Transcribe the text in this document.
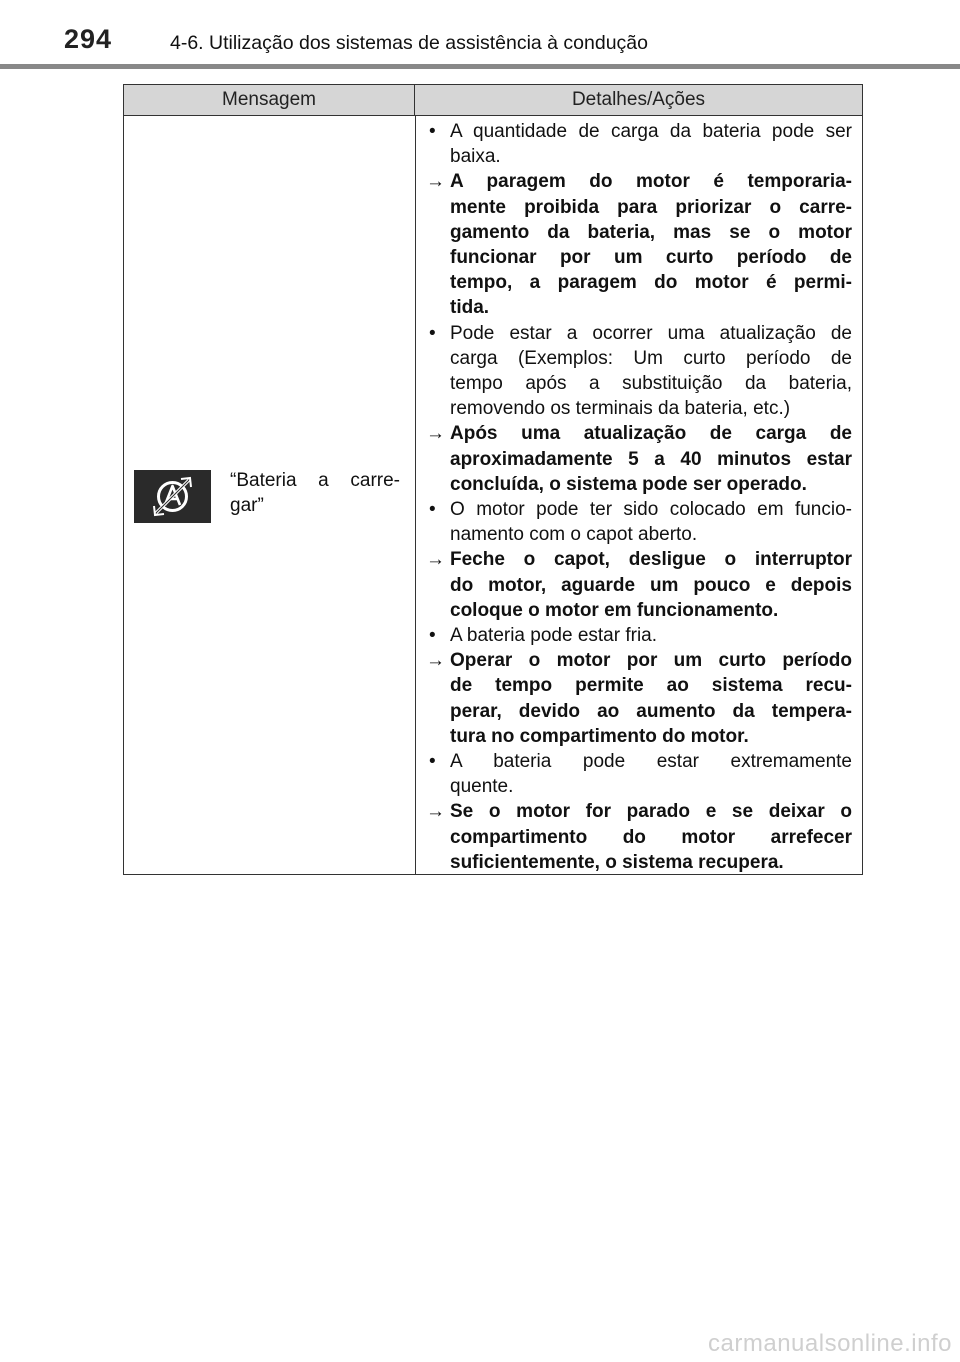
294	4-6. Utilização dos sistemas de assistência à condução
Mensagem	Detalhes/Ações
“Bateria a carre-
gar”
• A quantidade de carga da bateria pode ser
baixa.
→ A paragem do motor é temporaria-
mente proibida para priorizar o carre-
gamento da bateria, mas se o motor
funcionar por um curto período de
tempo, a paragem do motor é permi-
tida.
• Pode estar a ocorrer uma atualização de
carga (Exemplos: Um curto período de
tempo após a substituição da bateria,
removendo os terminais da bateria, etc.)
→ Após uma atualização de carga de
aproximadamente 5 a 40 minutos estar
concluída, o sistema pode ser operado.
• O motor pode ter sido colocado em funcio-
namento com o capot aberto.
→ Feche o capot, desligue o interruptor
do motor, aguarde um pouco e depois
coloque o motor em funcionamento.
• A bateria pode estar fria.
→ Operar o motor por um curto período
de tempo permite ao sistema recu-
perar, devido ao aumento da tempera-
tura no compartimento do motor.
• A bateria pode estar extremamente
quente.
→ Se o motor for parado e se deixar o
compartimento do motor arrefecer
suficientemente, o sistema recupera.
carmanualsonline.info
